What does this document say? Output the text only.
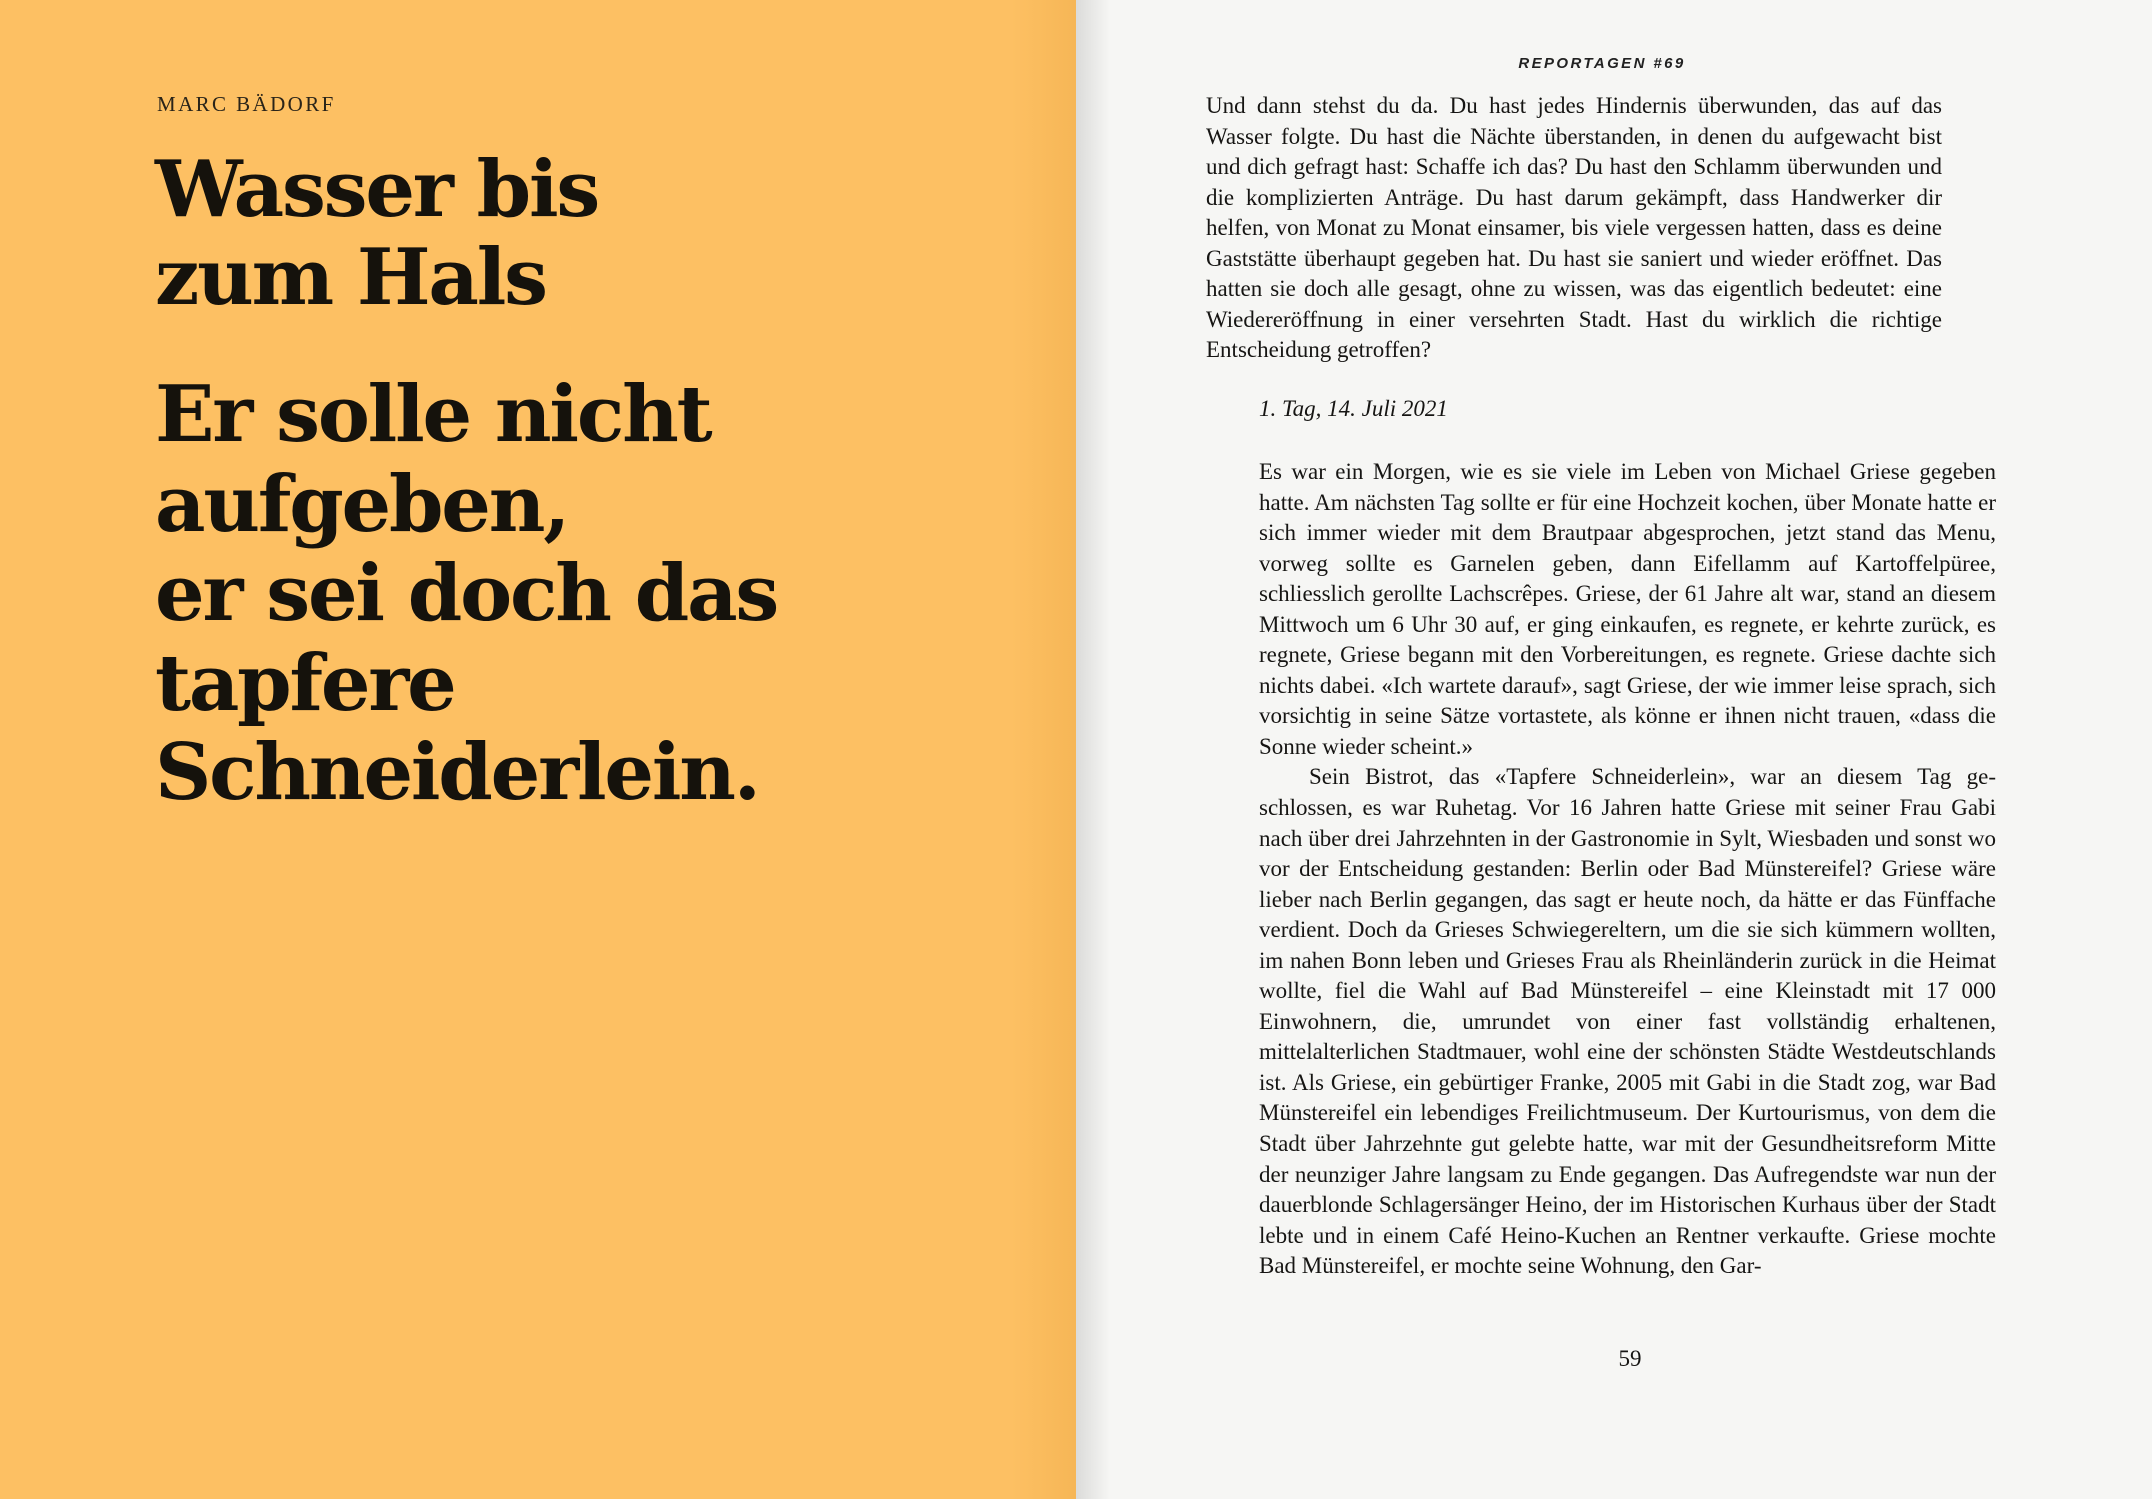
MARC BÄDORF
Wasser bis
zum Hals
Er solle nicht
aufgeben,
er sei doch das
tapfere
Schneiderlein.
REPORTAGEN #69

Und dann stehst du da. Du hast jedes Hindernis überwunden, das auf das Wasser folgte. Du hast die Nächte überstanden, in denen du aufgewacht bist und dich gefragt hast: Schaffe ich das? Du hast den Schlamm überwunden und die komplizierten Anträge. Du hast darum gekämpft, dass Handwerker dir helfen, von Monat zu Monat einsamer, bis viele vergessen hatten, dass es deine Gaststätte überhaupt gegeben hat. Du hast sie saniert und wieder eröffnet. Das hatten sie doch alle gesagt, ohne zu wissen, was das eigentlich bedeutet: eine Wiedereröffnung in einer versehrten Stadt. Hast du wirklich die richtige Entscheidung getroffen?

1. Tag, 14. Juli 2021
Es war ein Morgen, wie es sie viele im Leben von Michael Griese gegeben hatte. Am nächsten Tag sollte er für eine Hochzeit kochen, über Monate hatte er sich immer wieder mit dem Brautpaar abgesprochen, jetzt stand das Menu, vorweg sollte es Garnelen geben, dann Eifellamm auf Kartoffelpüree, schliesslich gerollte Lachscrêpes. Griese, der 61 Jahre alt war, stand an diesem Mittwoch um 6 Uhr 30 auf, er ging einkaufen, es regnete, er kehrte zurück, es regnete, Griese begann mit den Vorbereitungen, es regnete. Griese dachte sich nichts dabei. «Ich wartete darauf», sagt Griese, der wie immer leise sprach, sich vorsichtig in seine Sätze vortastete, als könne er ihnen nicht trauen, «dass die Sonne wieder scheint.»
Sein Bistrot, das «Tapfere Schneiderlein», war an diesem Tag geschlossen, es war Ruhetag. Vor 16 Jahren hatte Griese mit seiner Frau Gabi nach über drei Jahrzehnten in der Gastronomie in Sylt, Wiesbaden und sonst wo vor der Entscheidung gestanden: Berlin oder Bad Münstereifel? Griese wäre lieber nach Berlin gegangen, das sagt er heute noch, da hätte er das Fünffache verdient. Doch da Grieses Schwiegereltern, um die sie sich kümmern wollten, im nahen Bonn leben und Grieses Frau als Rheinländerin zurück in die Heimat wollte, fiel die Wahl auf Bad Münstereifel – eine Kleinstadt mit 17 000 Einwohnern, die, umrundet von einer fast vollständig erhaltenen, mittelalterlichen Stadtmauer, wohl eine der schönsten Städte Westdeutschlands ist. Als Griese, ein gebürtiger Franke, 2005 mit Gabi in die Stadt zog, war Bad Münstereifel ein lebendiges Freilichtmuseum. Der Kurtourismus, von dem die Stadt über Jahrzehnte gut gelebte hatte, war mit der Gesundheitsreform Mitte der neunziger Jahre langsam zu Ende gegangen. Das Aufregendste war nun der dauerblonde Schlagersänger Heino, der im Historischen Kurhaus über der Stadt lebte und in einem Café Heino-Kuchen an Rentner verkaufte. Griese mochte Bad Münstereifel, er mochte seine Wohnung, den Gar-
59
